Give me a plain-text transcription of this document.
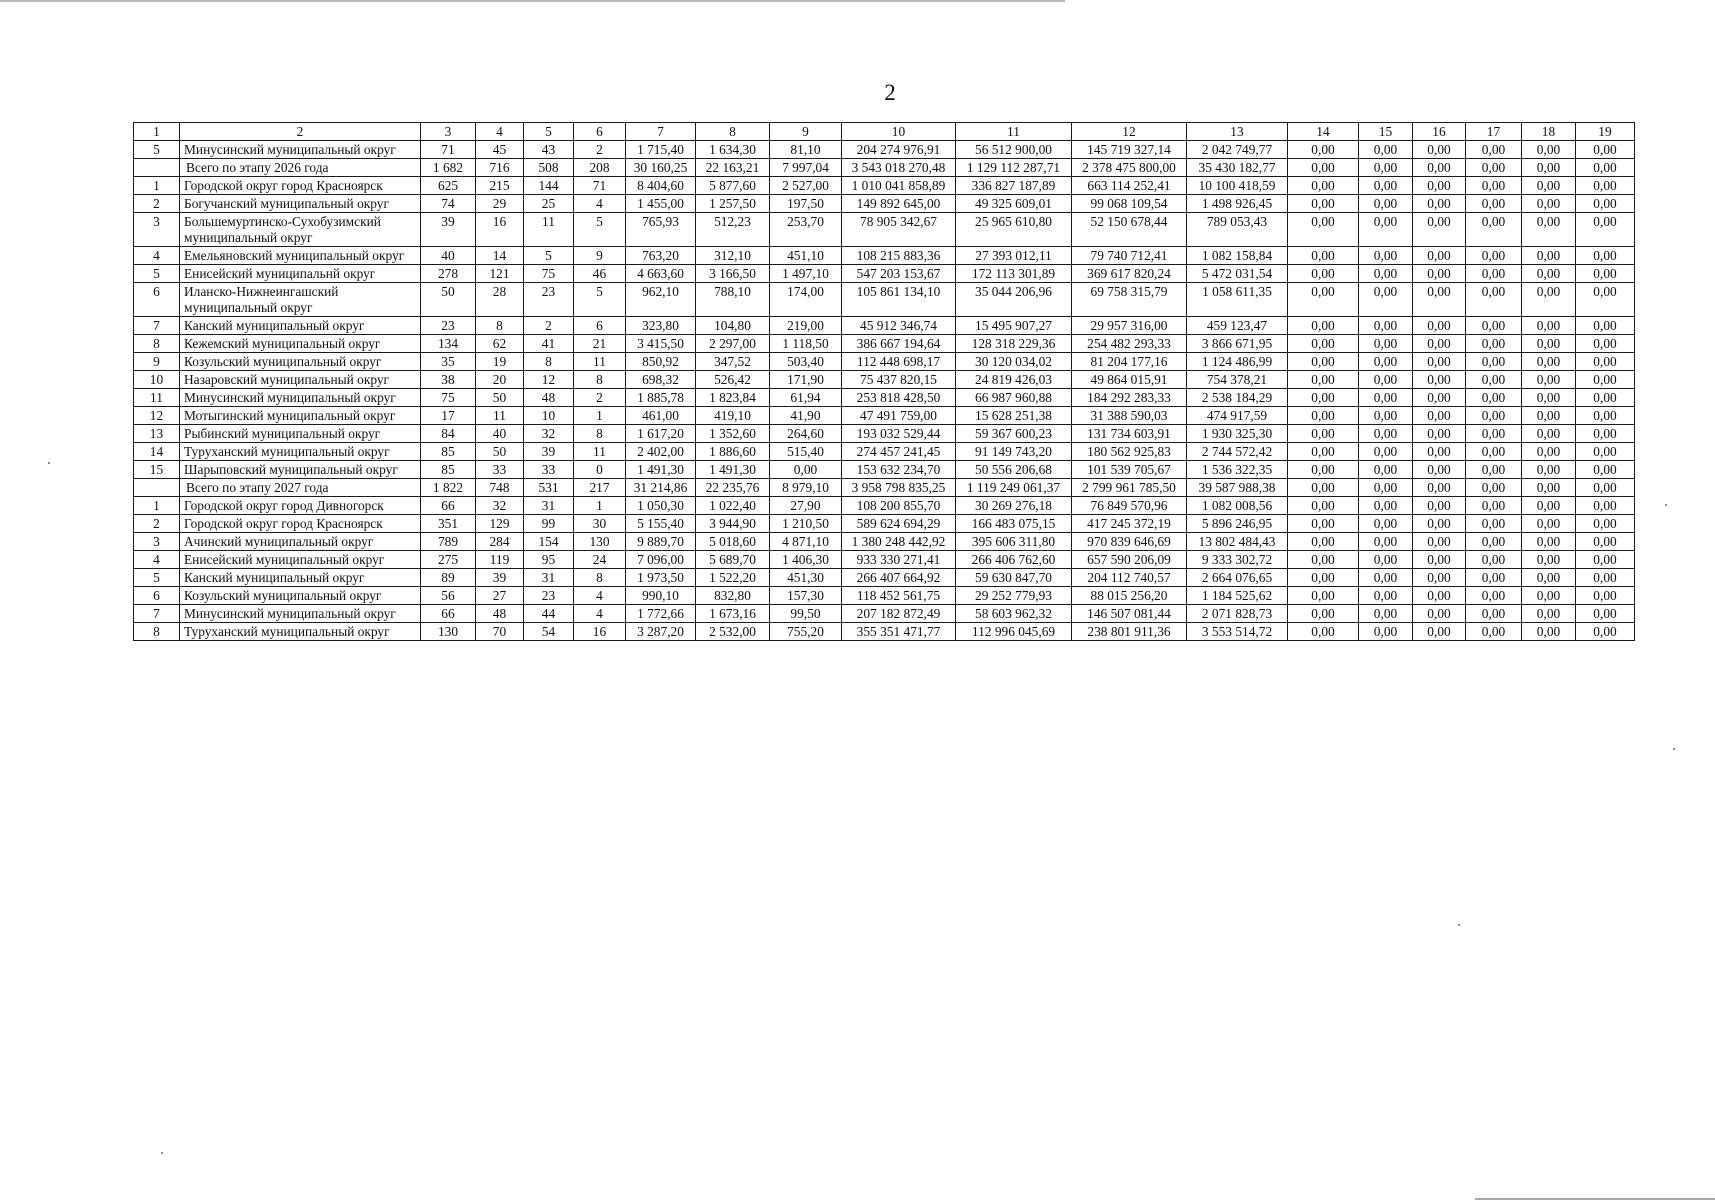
2
1	2	3	4	5	6	7	8	9	10	11	12	13	14	15	16	17	18	19
5	Минусинский муниципальный округ	71	45	43	2	1 715,40	1 634,30	81,10	204 274 976,91	56 512 900,00	145 719 327,14	2 042 749,77	0,00	0,00	0,00	0,00	0,00	0,00
	Всего по этапу 2026 года	1 682	716	508	208	30 160,25	22 163,21	7 997,04	3 543 018 270,48	1 129 112 287,71	2 378 475 800,00	35 430 182,77	0,00	0,00	0,00	0,00	0,00	0,00
1	Городской округ город Красноярск	625	215	144	71	8 404,60	5 877,60	2 527,00	1 010 041 858,89	336 827 187,89	663 114 252,41	10 100 418,59	0,00	0,00	0,00	0,00	0,00	0,00
2	Богучанский муниципальный округ	74	29	25	4	1 455,00	1 257,50	197,50	149 892 645,00	49 325 609,01	99 068 109,54	1 498 926,45	0,00	0,00	0,00	0,00	0,00	0,00
3	Большемуртинско-Сухобузимский муниципальный округ	39	16	11	5	765,93	512,23	253,70	78 905 342,67	25 965 610,80	52 150 678,44	789 053,43	0,00	0,00	0,00	0,00	0,00	0,00
4	Емельяновский муниципальный округ	40	14	5	9	763,20	312,10	451,10	108 215 883,36	27 393 012,11	79 740 712,41	1 082 158,84	0,00	0,00	0,00	0,00	0,00	0,00
5	Енисейский муниципальнй округ	278	121	75	46	4 663,60	3 166,50	1 497,10	547 203 153,67	172 113 301,89	369 617 820,24	5 472 031,54	0,00	0,00	0,00	0,00	0,00	0,00
6	Иланско-Нижнеингашский муниципальный округ	50	28	23	5	962,10	788,10	174,00	105 861 134,10	35 044 206,96	69 758 315,79	1 058 611,35	0,00	0,00	0,00	0,00	0,00	0,00
7	Канский муниципальный округ	23	8	2	6	323,80	104,80	219,00	45 912 346,74	15 495 907,27	29 957 316,00	459 123,47	0,00	0,00	0,00	0,00	0,00	0,00
8	Кежемский муниципальный округ	134	62	41	21	3 415,50	2 297,00	1 118,50	386 667 194,64	128 318 229,36	254 482 293,33	3 866 671,95	0,00	0,00	0,00	0,00	0,00	0,00
9	Козульский муниципальный округ	35	19	8	11	850,92	347,52	503,40	112 448 698,17	30 120 034,02	81 204 177,16	1 124 486,99	0,00	0,00	0,00	0,00	0,00	0,00
10	Назаровский муниципальный округ	38	20	12	8	698,32	526,42	171,90	75 437 820,15	24 819 426,03	49 864 015,91	754 378,21	0,00	0,00	0,00	0,00	0,00	0,00
11	Минусинский муниципальный округ	75	50	48	2	1 885,78	1 823,84	61,94	253 818 428,50	66 987 960,88	184 292 283,33	2 538 184,29	0,00	0,00	0,00	0,00	0,00	0,00
12	Мотыгинский муниципальный округ	17	11	10	1	461,00	419,10	41,90	47 491 759,00	15 628 251,38	31 388 590,03	474 917,59	0,00	0,00	0,00	0,00	0,00	0,00
13	Рыбинский муниципальный округ	84	40	32	8	1 617,20	1 352,60	264,60	193 032 529,44	59 367 600,23	131 734 603,91	1 930 325,30	0,00	0,00	0,00	0,00	0,00	0,00
14	Туруханский муниципальный округ	85	50	39	11	2 402,00	1 886,60	515,40	274 457 241,45	91 149 743,20	180 562 925,83	2 744 572,42	0,00	0,00	0,00	0,00	0,00	0,00
15	Шарыповский муниципальный округ	85	33	33	0	1 491,30	1 491,30	0,00	153 632 234,70	50 556 206,68	101 539 705,67	1 536 322,35	0,00	0,00	0,00	0,00	0,00	0,00
	Всего по этапу 2027 года	1 822	748	531	217	31 214,86	22 235,76	8 979,10	3 958 798 835,25	1 119 249 061,37	2 799 961 785,50	39 587 988,38	0,00	0,00	0,00	0,00	0,00	0,00
1	Городской округ город Дивногорск	66	32	31	1	1 050,30	1 022,40	27,90	108 200 855,70	30 269 276,18	76 849 570,96	1 082 008,56	0,00	0,00	0,00	0,00	0,00	0,00
2	Городской округ город Красноярск	351	129	99	30	5 155,40	3 944,90	1 210,50	589 624 694,29	166 483 075,15	417 245 372,19	5 896 246,95	0,00	0,00	0,00	0,00	0,00	0,00
3	Ачинский муниципальный округ	789	284	154	130	9 889,70	5 018,60	4 871,10	1 380 248 442,92	395 606 311,80	970 839 646,69	13 802 484,43	0,00	0,00	0,00	0,00	0,00	0,00
4	Енисейский муниципальный округ	275	119	95	24	7 096,00	5 689,70	1 406,30	933 330 271,41	266 406 762,60	657 590 206,09	9 333 302,72	0,00	0,00	0,00	0,00	0,00	0,00
5	Канский муниципальный округ	89	39	31	8	1 973,50	1 522,20	451,30	266 407 664,92	59 630 847,70	204 112 740,57	2 664 076,65	0,00	0,00	0,00	0,00	0,00	0,00
6	Козульский муниципальный округ	56	27	23	4	990,10	832,80	157,30	118 452 561,75	29 252 779,93	88 015 256,20	1 184 525,62	0,00	0,00	0,00	0,00	0,00	0,00
7	Минусинский муниципальный округ	66	48	44	4	1 772,66	1 673,16	99,50	207 182 872,49	58 603 962,32	146 507 081,44	2 071 828,73	0,00	0,00	0,00	0,00	0,00	0,00
8	Туруханский муниципальный округ	130	70	54	16	3 287,20	2 532,00	755,20	355 351 471,77	112 996 045,69	238 801 911,36	3 553 514,72	0,00	0,00	0,00	0,00	0,00	0,00
